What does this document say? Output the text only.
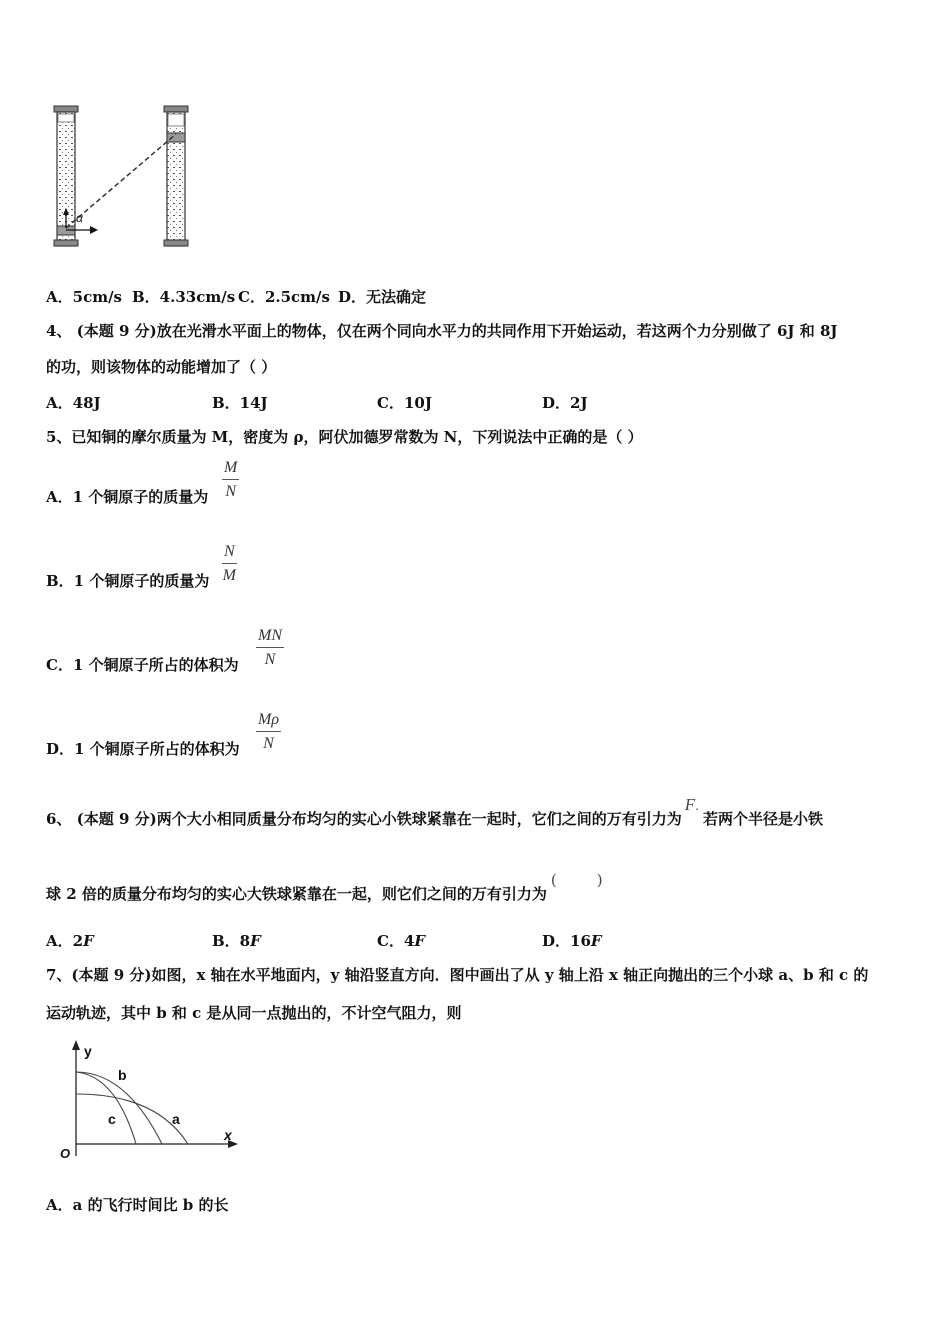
α
A．5cm/s B．4.33cm/s C．2.5cm/s D．无法确定
4、 (本题 9 分)放在光滑水平面上的物体，仅在两个同向水平力的共同作用下开始运动，若这两个力分别做了 6J 和 8J
的功，则该物体的动能增加了（ ）
A．48J	B．14J	C．10J	D．2J
5、已知铜的摩尔质量为 M，密度为 ρ，阿伏加德罗常数为 N，下列说法中正确的是（ ）
A．1 个铜原子的质量为 $\frac{M}{N}$
B．1 个铜原子的质量为 $\frac{N}{M}$
C．1 个铜原子所占的体积为 $\frac{MN}{N}$
D．1 个铜原子所占的体积为 $\frac{M\rho}{N}$
6、 (本题 9 分)两个大小相同质量分布均匀的实心小铁球紧靠在一起时，它们之间的万有引力为F.若两个半径是小铁
球 2 倍的质量分布均匀的实心大铁球紧靠在一起，则它们之间的万有引力为(	)
A．2F	B．8F	C．4F	D．16F
7、(本题 9 分)如图，x 轴在水平地面内，y 轴沿竖直方向．图中画出了从 y 轴上沿 x 轴正向抛出的三个小球 a、b 和 c 的
运动轨迹，其中 b 和 c 是从同一点抛出的，不计空气阻力，则
y
x
O
b
c	a
A．a 的飞行时间比 b 的长
